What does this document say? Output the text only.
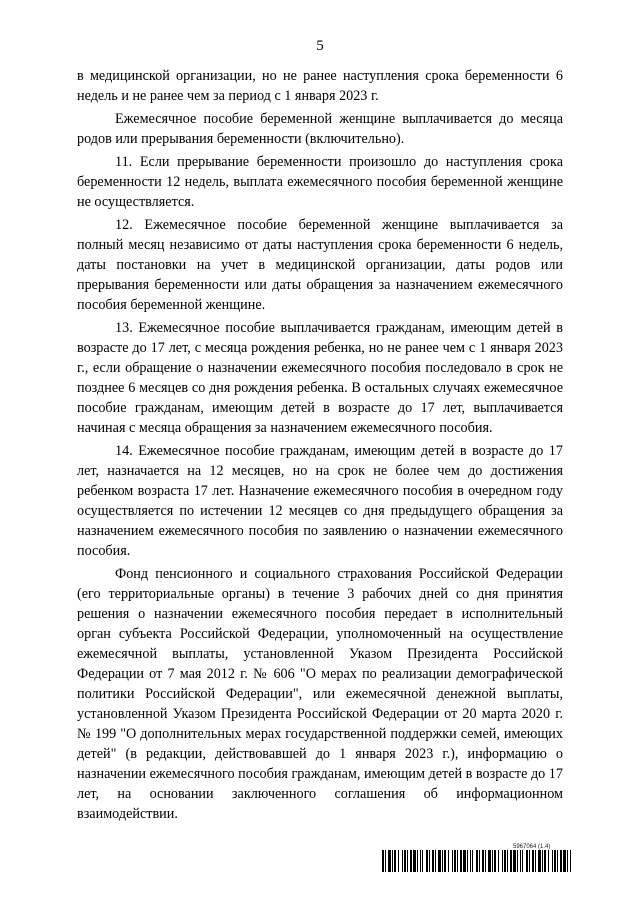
5

в медицинской организации, но не ранее наступления срока беременности 6 недель и не ранее чем за период с 1 января 2023 г.

Ежемесячное пособие беременной женщине выплачивается до месяца родов или прерывания беременности (включительно).

11. Если прерывание беременности произошло до наступления срока беременности 12 недель, выплата ежемесячного пособия беременной женщине не осуществляется.

12. Ежемесячное пособие беременной женщине выплачивается за полный месяц независимо от даты наступления срока беременности 6 недель, даты постановки на учет в медицинской организации, даты родов или прерывания беременности или даты обращения за назначением ежемесячного пособия беременной женщине.

13. Ежемесячное пособие выплачивается гражданам, имеющим детей в возрасте до 17 лет, с месяца рождения ребенка, но не ранее чем с 1 января 2023 г., если обращение о назначении ежемесячного пособия последовало в срок не позднее 6 месяцев со дня рождения ребенка. В остальных случаях ежемесячное пособие гражданам, имеющим детей в возрасте до 17 лет, выплачивается начиная с месяца обращения за назначением ежемесячного пособия.

14. Ежемесячное пособие гражданам, имеющим детей в возрасте до 17 лет, назначается на 12 месяцев, но на срок не более чем до достижения ребенком возраста 17 лет. Назначение ежемесячного пособия в очередном году осуществляется по истечении 12 месяцев со дня предыдущего обращения за назначением ежемесячного пособия по заявлению о назначении ежемесячного пособия.

Фонд пенсионного и социального страхования Российской Федерации (его территориальные органы) в течение 3 рабочих дней со дня принятия решения о назначении ежемесячного пособия передает в исполнительный орган субъекта Российской Федерации, уполномоченный на осуществление ежемесячной выплаты, установленной Указом Президента Российской Федерации от 7 мая 2012 г. № 606 "О мерах по реализации демографической политики Российской Федерации", или ежемесячной денежной выплаты, установленной Указом Президента Российской Федерации от 20 марта 2020 г. № 199 "О дополнительных мерах государственной поддержки семей, имеющих детей" (в редакции, действовавшей до 1 января 2023 г.), информацию о назначении ежемесячного пособия гражданам, имеющим детей в возрасте до 17 лет, на основании заключенного соглашения об информационном взаимодействии.

5967064 (1.4)
